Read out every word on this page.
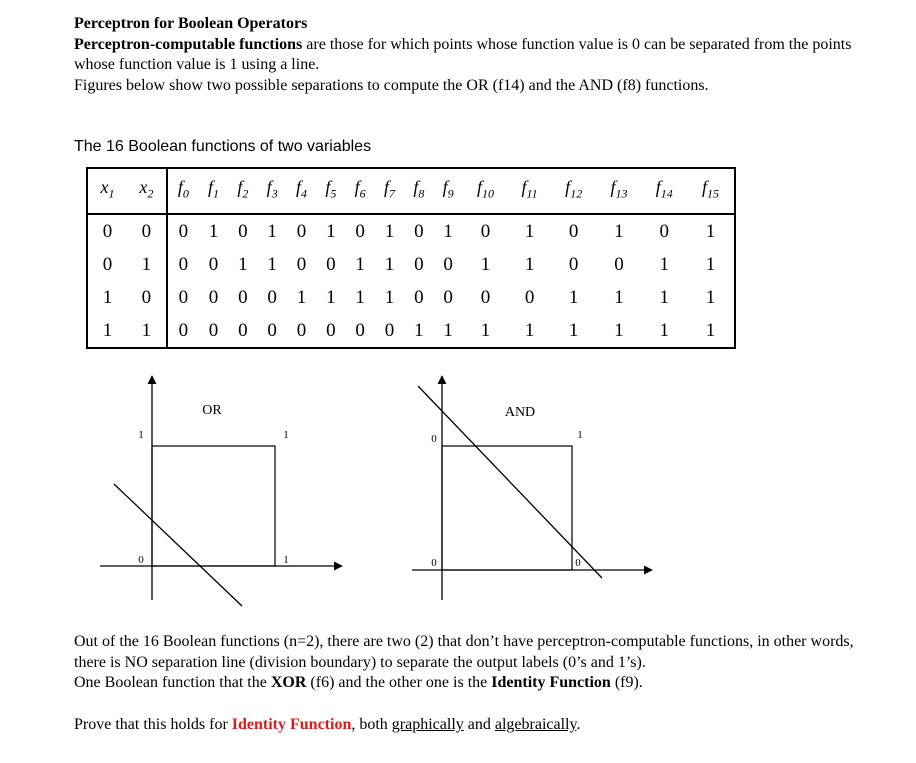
Perceptron for Boolean Operators

Perceptron-computable functions are those for which points whose function value is 0 can be separated from the points whose function value is 1 using a line.

Figures below show two possible separations to compute the OR (f14) and the AND (f8) functions.

The 16 Boolean functions of two variables
$x_1$	$x_2$	$f_0$	$f_1$	$f_2$	$f_3$	$f_4$	$f_5$	$f_6$	$f_7$	$f_8$	$f_9$	$f_{10}$	$f_{11}$	$f_{12}$	$f_{13}$	$f_{14}$	$f_{15}$
0	0	0	1	0	1	0	1	0	1	0	1	0	1	0	1	0	1
0	1	0	0	1	1	0	0	1	1	0	0	1	1	0	0	1	1
1	0	0	0	0	0	1	1	1	1	0	0	0	0	1	1	1	1
1	1	0	0	0	0	0	0	0	0	1	1	1	1	1	1	1	1
OR
1	1
0	1
AND
0	1
0	0

Out of the 16 Boolean functions (n=2), there are two (2) that don’t have perceptron-computable functions, in other words, there is NO separation line (division boundary) to separate the output labels (0’s and 1’s).

One Boolean function that the XOR (f6) and the other one is the Identity Function (f9).

Prove that this holds for Identity Function, both graphically and algebraically.
